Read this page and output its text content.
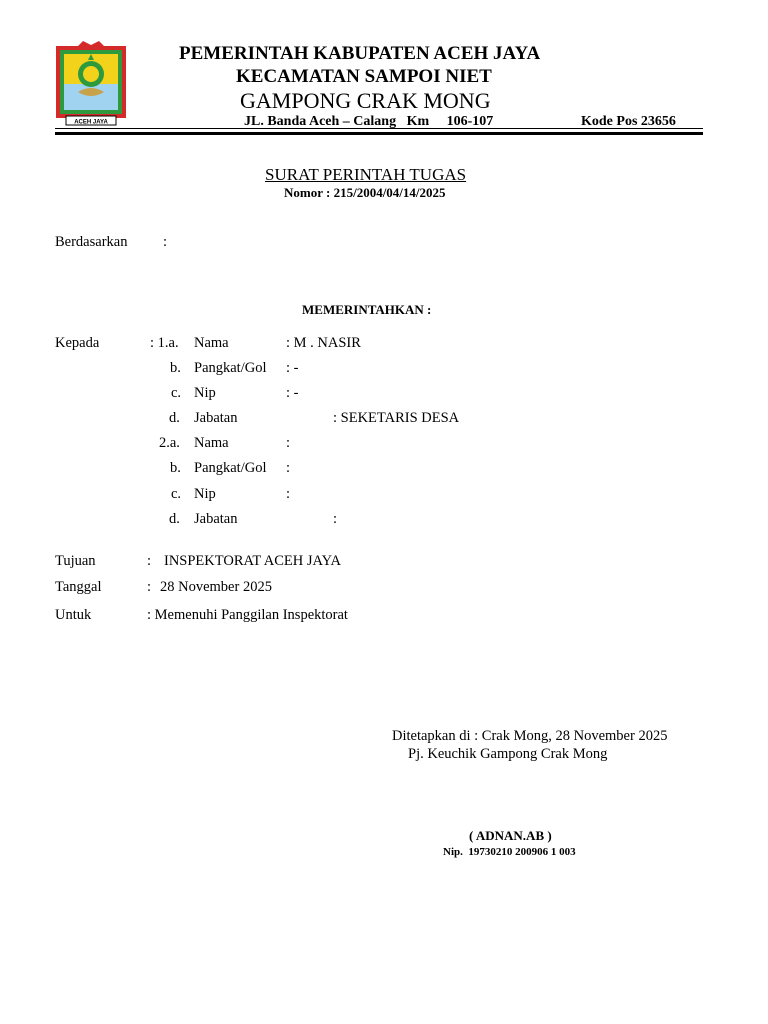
ACEH JAYA
PEMERINTAH KABUPATEN ACEH JAYA
KECAMATAN SAMPOI NIET
GAMPONG CRAK MONG
JL. Banda Aceh – Calang   Km     106-107	Kode Pos 23656
SURAT PERINTAH TUGAS
Nomor : 215/2004/04/14/2025
Berdasarkan :
MEMERINTAHKAN :
Kepada	: 1.a. Nama	: M . NASIR
b. Pangkat/Gol : -
c. Nip	: -
d. Jabatan	: SEKETARIS DESA
2.a. Nama	:
b. Pangkat/Gol :
c. Nip	:
d. Jabatan	:
Tujuan	: INSPEKTORAT ACEH JAYA
Tanggal	: 28 November 2025
Untuk	: Memenuhi Panggilan Inspektorat
Ditetapkan di : Crak Mong, 28 November 2025
Pj. Keuchik Gampong Crak Mong
( ADNAN.AB )
Nip.  19730210 200906 1 003
